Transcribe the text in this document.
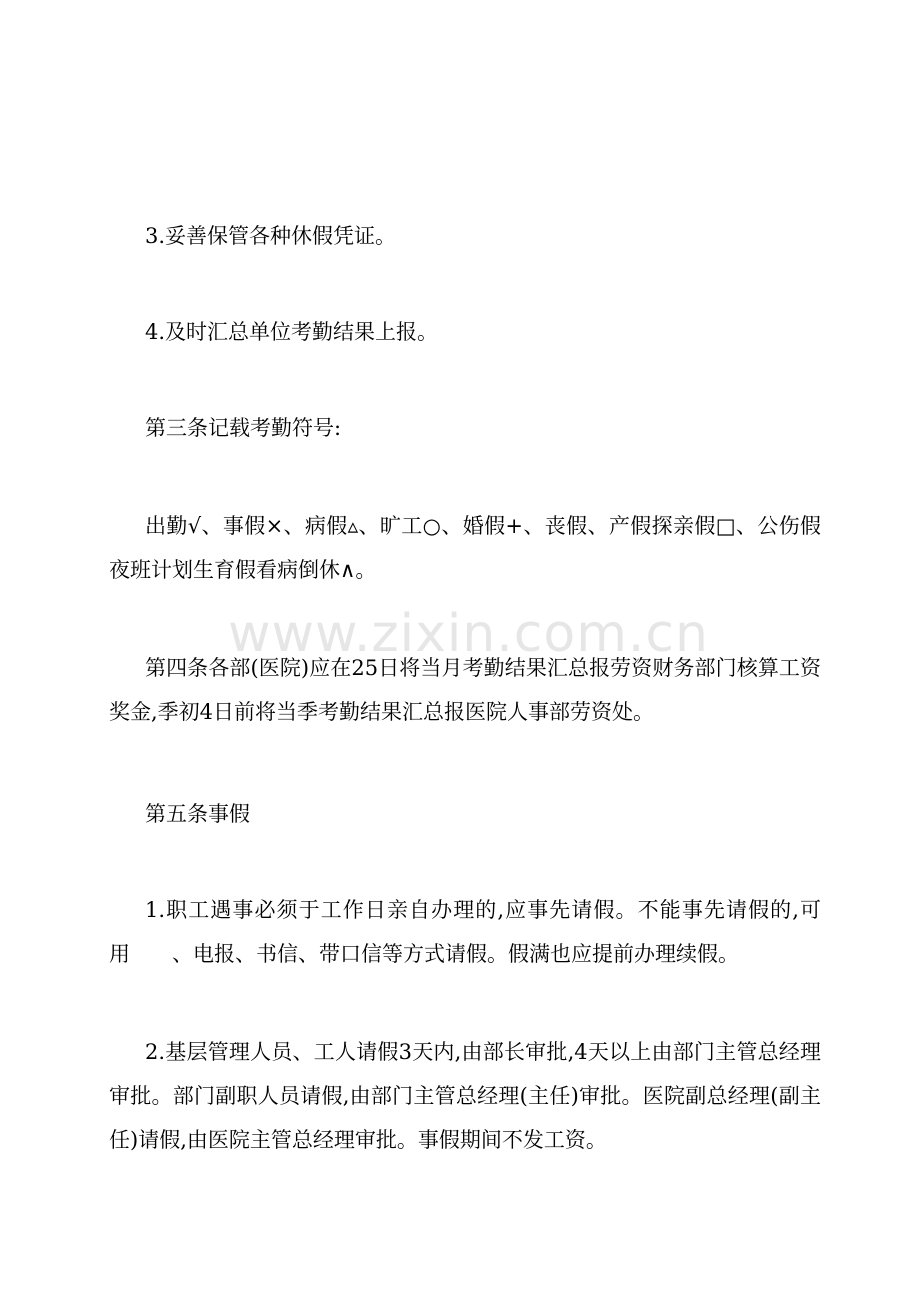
www.zixin.com.cn

3.妥善保管各种休假凭证。

4.及时汇总单位考勤结果上报。

第三条记载考勤符号:

出勤√、事假×、病假▵、旷工○、婚假+、丧假、产假探亲假□、公伤假夜班计划生育假看病倒休∧。

第四条各部(医院)应在25日将当月考勤结果汇总报劳资财务部门核算工资奖金,季初4日前将当季考勤结果汇总报医院人事部劳资处。

第五条事假

1.职工遇事必须于工作日亲自办理的,应事先请假。不能事先请假的,可用　　、电报、书信、带口信等方式请假。假满也应提前办理续假。

2.基层管理人员、工人请假3天内,由部长审批,4天以上由部门主管总经理审批。部门副职人员请假,由部门主管总经理(主任)审批。医院副总经理(副主任)请假,由医院主管总经理审批。事假期间不发工资。
